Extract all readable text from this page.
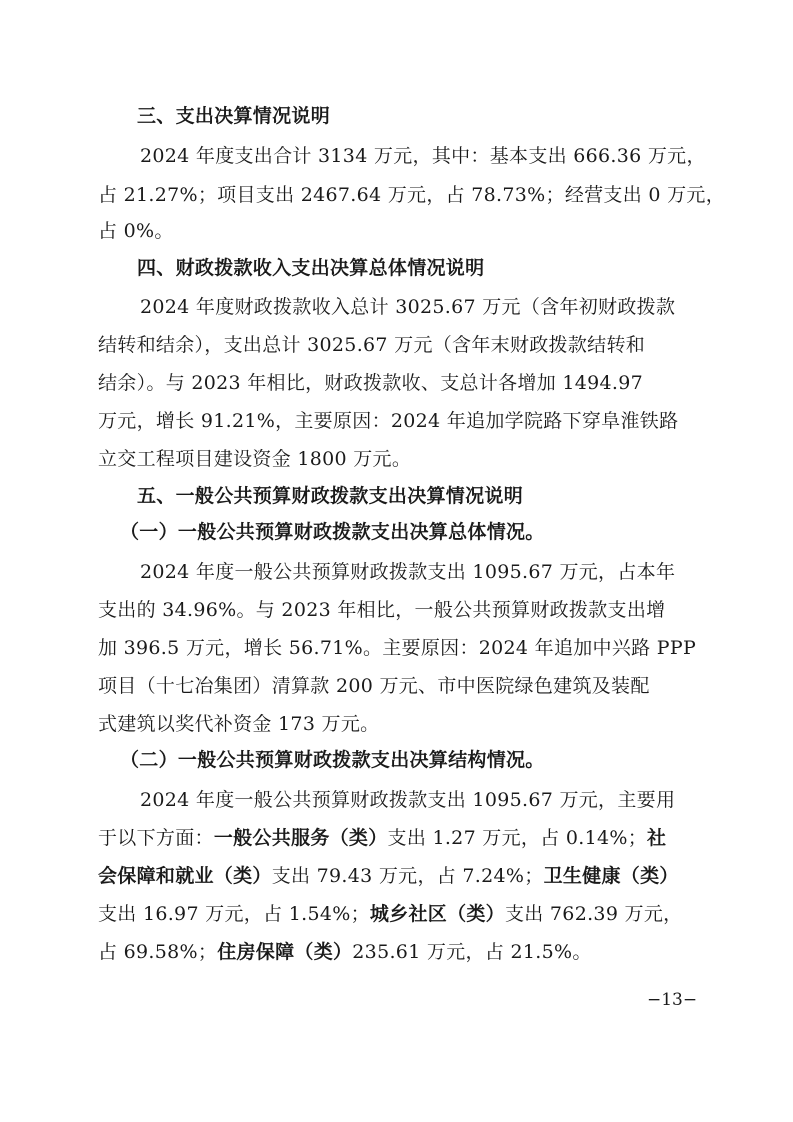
三、支出决算情况说明

2024 年度支出合计 3134 万元，其中：基本支出 666.36 万元，

占 21.27%；项目支出 2467.64 万元，占 78.73%；经营支出 0 万元，

占 0%。

四、财政拨款收入支出决算总体情况说明

2024 年度财政拨款收入总计 3025.67 万元（含年初财政拨款

结转和结余），支出总计 3025.67 万元（含年末财政拨款结转和

结余）。与 2023 年相比，财政拨款收、支总计各增加 1494.97

万元，增长 91.21%，主要原因：2024 年追加学院路下穿阜淮铁路

立交工程项目建设资金 1800 万元。

五、一般公共预算财政拨款支出决算情况说明

（一）一般公共预算财政拨款支出决算总体情况。

2024 年度一般公共预算财政拨款支出 1095.67 万元，占本年

支出的 34.96%。与 2023 年相比，一般公共预算财政拨款支出增

加 396.5 万元，增长 56.71%。主要原因：2024 年追加中兴路 PPP

项目（十七冶集团）清算款 200 万元、市中医院绿色建筑及装配

式建筑以奖代补资金 173 万元。

（二）一般公共预算财政拨款支出决算结构情况。

2024 年度一般公共预算财政拨款支出 1095.67 万元，主要用

于以下方面：一般公共服务（类）支出 1.27 万元，占 0.14%；社

会保障和就业（类）支出 79.43 万元，占 7.24%；卫生健康（类）

支出 16.97 万元，占 1.54%；城乡社区（类）支出 762.39 万元，

占 69.58%；住房保障（类）235.61 万元，占 21.5%。

−13−
